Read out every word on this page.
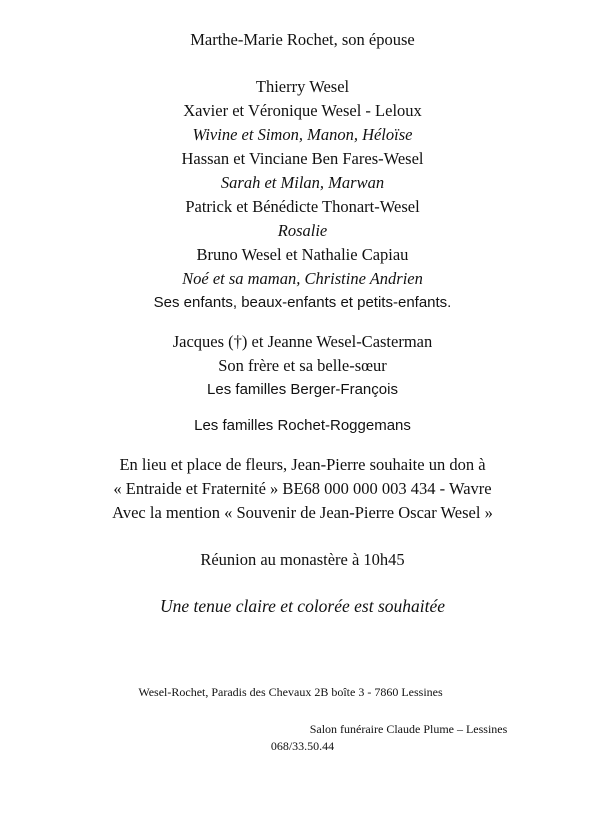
Marthe-Marie Rochet, son épouse
Thierry Wesel
Xavier et Véronique Wesel - Leloux
Wivine et Simon, Manon, Héloïse
Hassan et Vinciane Ben Fares-Wesel
Sarah et Milan, Marwan
Patrick et Bénédicte Thonart-Wesel
Rosalie
Bruno Wesel et Nathalie Capiau
Noé et sa maman, Christine Andrien
Ses enfants, beaux-enfants et petits-enfants.
Jacques (†) et Jeanne Wesel-Casterman
Son frère et sa belle-sœur
Les familles Berger-François
Les familles Rochet-Roggemans
En lieu et place de fleurs, Jean-Pierre souhaite un don à
« Entraide et Fraternité » BE68 000 000 003 434 - Wavre
Avec la mention « Souvenir de Jean-Pierre Oscar Wesel »
Réunion au monastère à 10h45
Une tenue claire et colorée est souhaitée
Wesel-Rochet, Paradis des Chevaux 2B boîte 3 - 7860 Lessines
Salon funéraire Claude Plume – Lessines
068/33.50.44
